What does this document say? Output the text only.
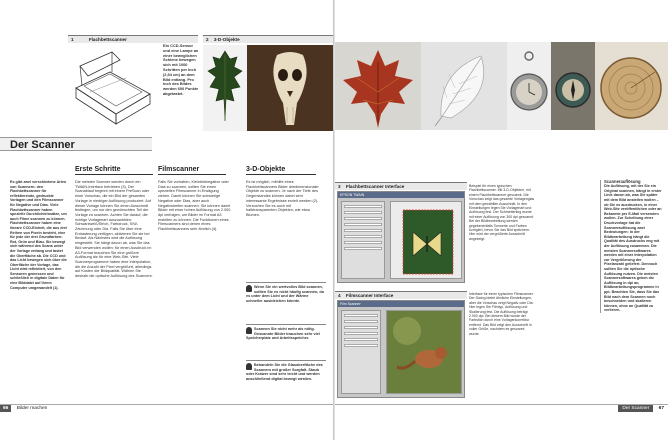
1	Flachbettscanner	2 3-D-Objekte
Ein CCD-Sensor und eine Lampe an einer beweglichen Schiene bewegen sich mit 1000 Schritten per Inch (2,54 cm) an dem Bild entlang. Pro Inch des Bildes werden 600 Punkte abgetastet.
Der Scanner
Erste Schritte	Filmscanner	3-D-Objekte
Es gibt zwei verschiedene Arten von Scannern: den Flachbettscanner für reflektierende, gedruckte Vorlagen und den Filmscanner für Negative und Dias. Viele Flachbettscanner haben spezielle Durchlichteinsätze, um auch Filme scannen zu können. Flachbettscanner haben eine lineare CCD-Einheit, die aus drei Reihen von Pixeln besteht, eine für jede der drei Grundfarben: Rot, Grün und Blau. Sie bewegt sich während des Scans unter der Vorlage entlang und tastet die Oberfläche ab. Die CCD und das Licht bewegen sich über die Oberfläche der Vorlage, das Licht wird reflektiert, von den Sensoren gemessen und schließlich in digitale Daten für eine Bilddatei auf Ihrem Computer umgewandelt (1).
Die meisten Scanner werden durch ein TWAIN-Interface betrieben (3). Der Scanablauf beginnt mit einem PreScan oder einer Vorschau, die ein Bild der gesamten Vorlage in niedriger Auflösung produziert. Auf dieser Vorlage können Sie einen Ausschnitt festlegen, um nur den gewünschten Teil der Vorlage zu scannen. Achten Sie darauf, die richtige Vorlagenart auszuwählen: Schwarzweiß/Strich, Farbdruck, S/W-Zeichnung oder Dia. Falls Sie über eine Entrasterung verfügen, aktivieren Sie sie bei Bedarf. Als Nächstes wird die Auflösung eingestellt. Sie hängt davon ab, was Sie das Bild verwenden wollen: für einen Ausdruck im A3-Format brauchen Sie eine größere Auflösung als für eine Web-Site. Viele Scannerprogramme haben eine Interpolation, die die Anzahl der Pixel vergrößert, allerdings auf Kosten der Bildqualität. Wählen Sie deshalb die optische Auflösung des Scanners.
Falls Sie vorhaben, Kleinbildnegative oder Dias zu scannen, sollten Sie einen speziellen Filmscanner in Erwägung ziehen. Damit können Sie schwierige Negative oder Dias, aber auch Negativstreifen scannen. Sie können damit Bilder mit einer hohen Auflösung von 2.000 dpi verfolgen, um Bilder im Format A3 erstellen zu können. Die Funktionen eines Filmscanners sind denen eines Flachbettscanners sehr ähnlich (4).
Es ist möglich, mithilfe eines Flachbettscanners Bilder dreidimensionaler Objekte zu scannen. Je nach der Tiefe des Gegenstandes können dabei sehr interessante Ergebnisse erzielt werden (2). Versuchen Sie es auch mit halbtransparenten Objekten, wie etwa Blumen.
Wenn Sie ein wertvolles Bild scannen, sollten Sie es nicht häufig scannen, da es unter dem Licht und der Wärme schneller ausbleichen könnte.
Scannen Sie nicht mehr als nötig. Gescannte Bilder brauchen sehr viel Speicherplatz und Arbeitsspeicher.
Behandeln Sie die Glasoberfläche des Scanners mit großer Sorgfalt. Staub oder Kratzer sind sehr leicht und werden anschließend digital bewegt werden.
66 Bilder machen
3 Flachbettscanner Interface
EPSON TWAIN
Beispiel für einen typischen Flachbettscanner. Mit 3-D-Objekten, mit einem Flachbettscanner gescannt. Die Vorschau zeigt das gesamte Vorlagenglas mit dem gewählten Ausschnitt. In den Einstellungen legen Sie Vorlagenart und Auflösung fest. Der Schmetterling wurde mit einer Auflösung von 300 dpi gescannt. Bei der Bildbearbeitung werden gegebenenfalls Tonwerte und Farben korrigiert, bevor Sie das Bild speichern. Hier wird der vergrößerte Ausschnitt angezeigt.
4 Filmscanner Interface
Film Scanner
Interface für einen typischen Filmscanner. Der Dialog bietet ähnliche Einstellungen, aber die Vorschau zeigt Negativ oder Dia. Hier legen Sie Filmtyp, Auflösung und Skalierung fest. Die Auflösung beträgt 2.000 dpi. Bei diesem Bild wurde der Farbstich durch eine Vorlagenkorrektur entfernt. Das Bild zeigt den Ausschnitt in voller Größe, nachdem es gescannt wurde.
Scannerauflösung
Die Auflösung, mit der Sie ein Original scannen, hängt in erster Linie davon ab, was Sie später mit dem Bild anstellen wollen – ob Sie es ausdrucken, in einer Web-Site veröffentlichen oder an Bekannte per E-Mail versenden wollen. Zur Scheibung einer Druckvorlage hat die Scannerauflösung zwei Bedeutungen: In der Bildbearbeitung hängt die Qualität des Ausdrucks eng mit der Auflösung zusammen. Die meisten Scannersoftwares werden mit einer Interpolation zur Vergrößerung der Pixelanzahl geliefert. Dennoch sollten Sie die optische Auflösung nutzen. Die meisten Scannersoftwares geben die Auflösung in dpi an, Bildbearbeitungsprogramme in ppi. Beachten Sie, dass Sie das Bild nach dem Scannen noch beschneiden und skalieren können, ohne an Qualität zu verlieren.
Der Scanner 67
